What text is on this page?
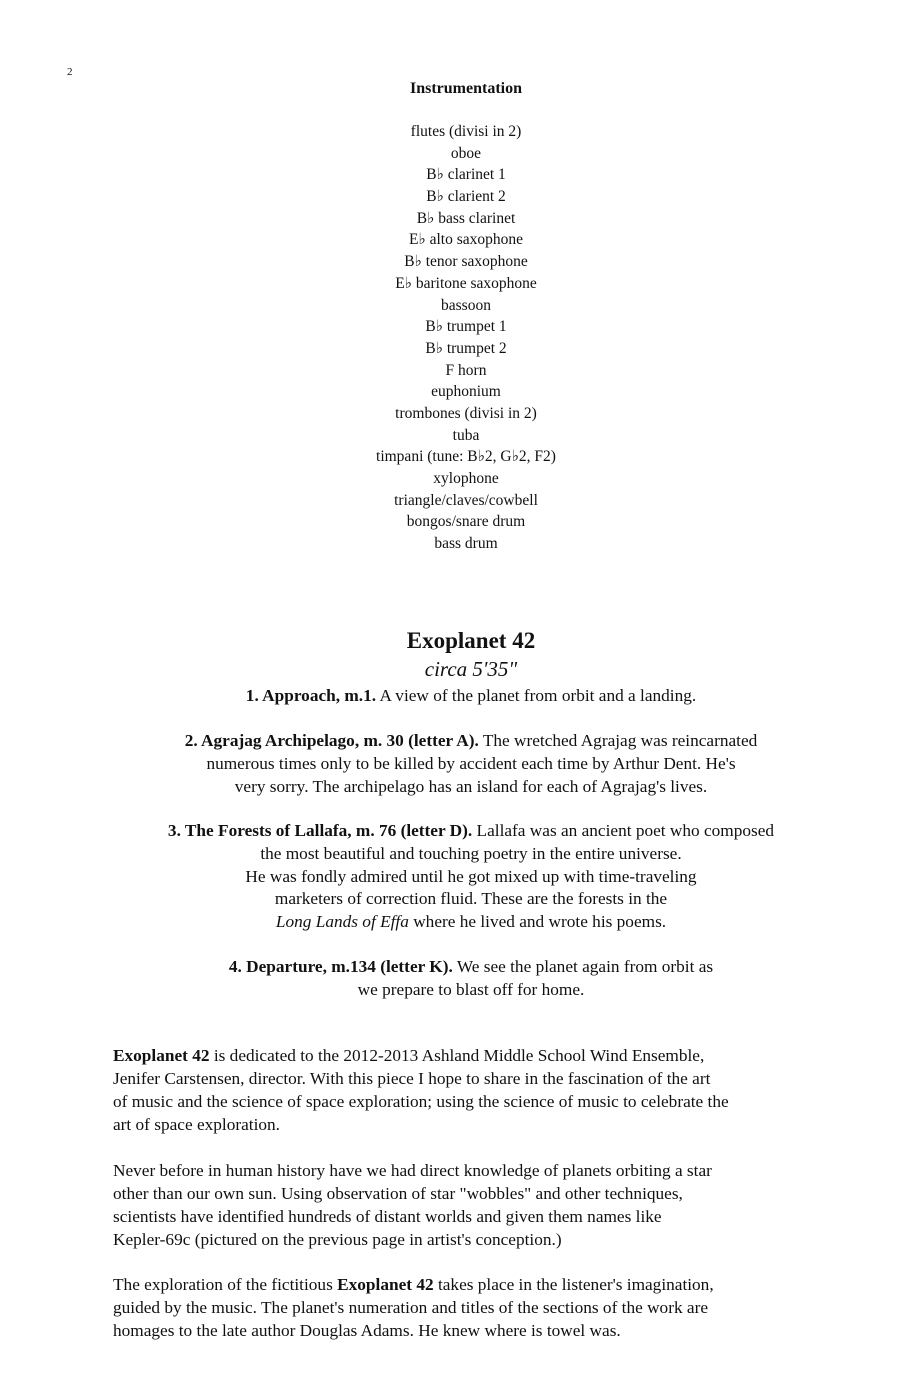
2
Instrumentation
flutes (divisi in 2)
oboe
B♭ clarinet 1
B♭ clarient 2
B♭ bass clarinet
E♭ alto saxophone
B♭ tenor saxophone
E♭ baritone saxophone
bassoon
B♭ trumpet 1
B♭ trumpet 2
F horn
euphonium
trombones (divisi in 2)
tuba
timpani (tune: B♭2, G♭2, F2)
xylophone
triangle/claves/cowbell
bongos/snare drum
bass drum
Exoplanet 42
circa 5'35"

1. Approach, m.1. A view of the planet from orbit and a landing.

2. Agrajag Archipelago, m. 30 (letter A). The wretched Agrajag was reincarnated
numerous times only to be killed by accident each time by Arthur Dent. He's
very sorry. The archipelago has an island for each of Agrajag's lives.

3. The Forests of Lallafa, m. 76 (letter D). Lallafa was an ancient poet who composed
the most beautiful and touching poetry in the entire universe.
He was fondly admired until he got mixed up with time-traveling
marketers of correction fluid. These are the forests in the
Long Lands of Effa where he lived and wrote his poems.

4. Departure, m.134 (letter K). We see the planet again from orbit as
we prepare to blast off for home.

Exoplanet 42 is dedicated to the 2012-2013 Ashland Middle School Wind Ensemble,
Jenifer Carstensen, director. With this piece I hope to share in the fascination of the art
of music and the science of space exploration; using the science of music to celebrate the
art of space exploration.

Never before in human history have we had direct knowledge of planets orbiting a star
other than our own sun. Using observation of star "wobbles" and other techniques,
scientists have identified hundreds of distant worlds and given them names like
Kepler-69c (pictured on the previous page in artist's conception.)

The exploration of the fictitious Exoplanet 42 takes place in the listener's imagination,
guided by the music. The planet's numeration and titles of the sections of the work are
homages to the late author Douglas Adams. He knew where is towel was.
